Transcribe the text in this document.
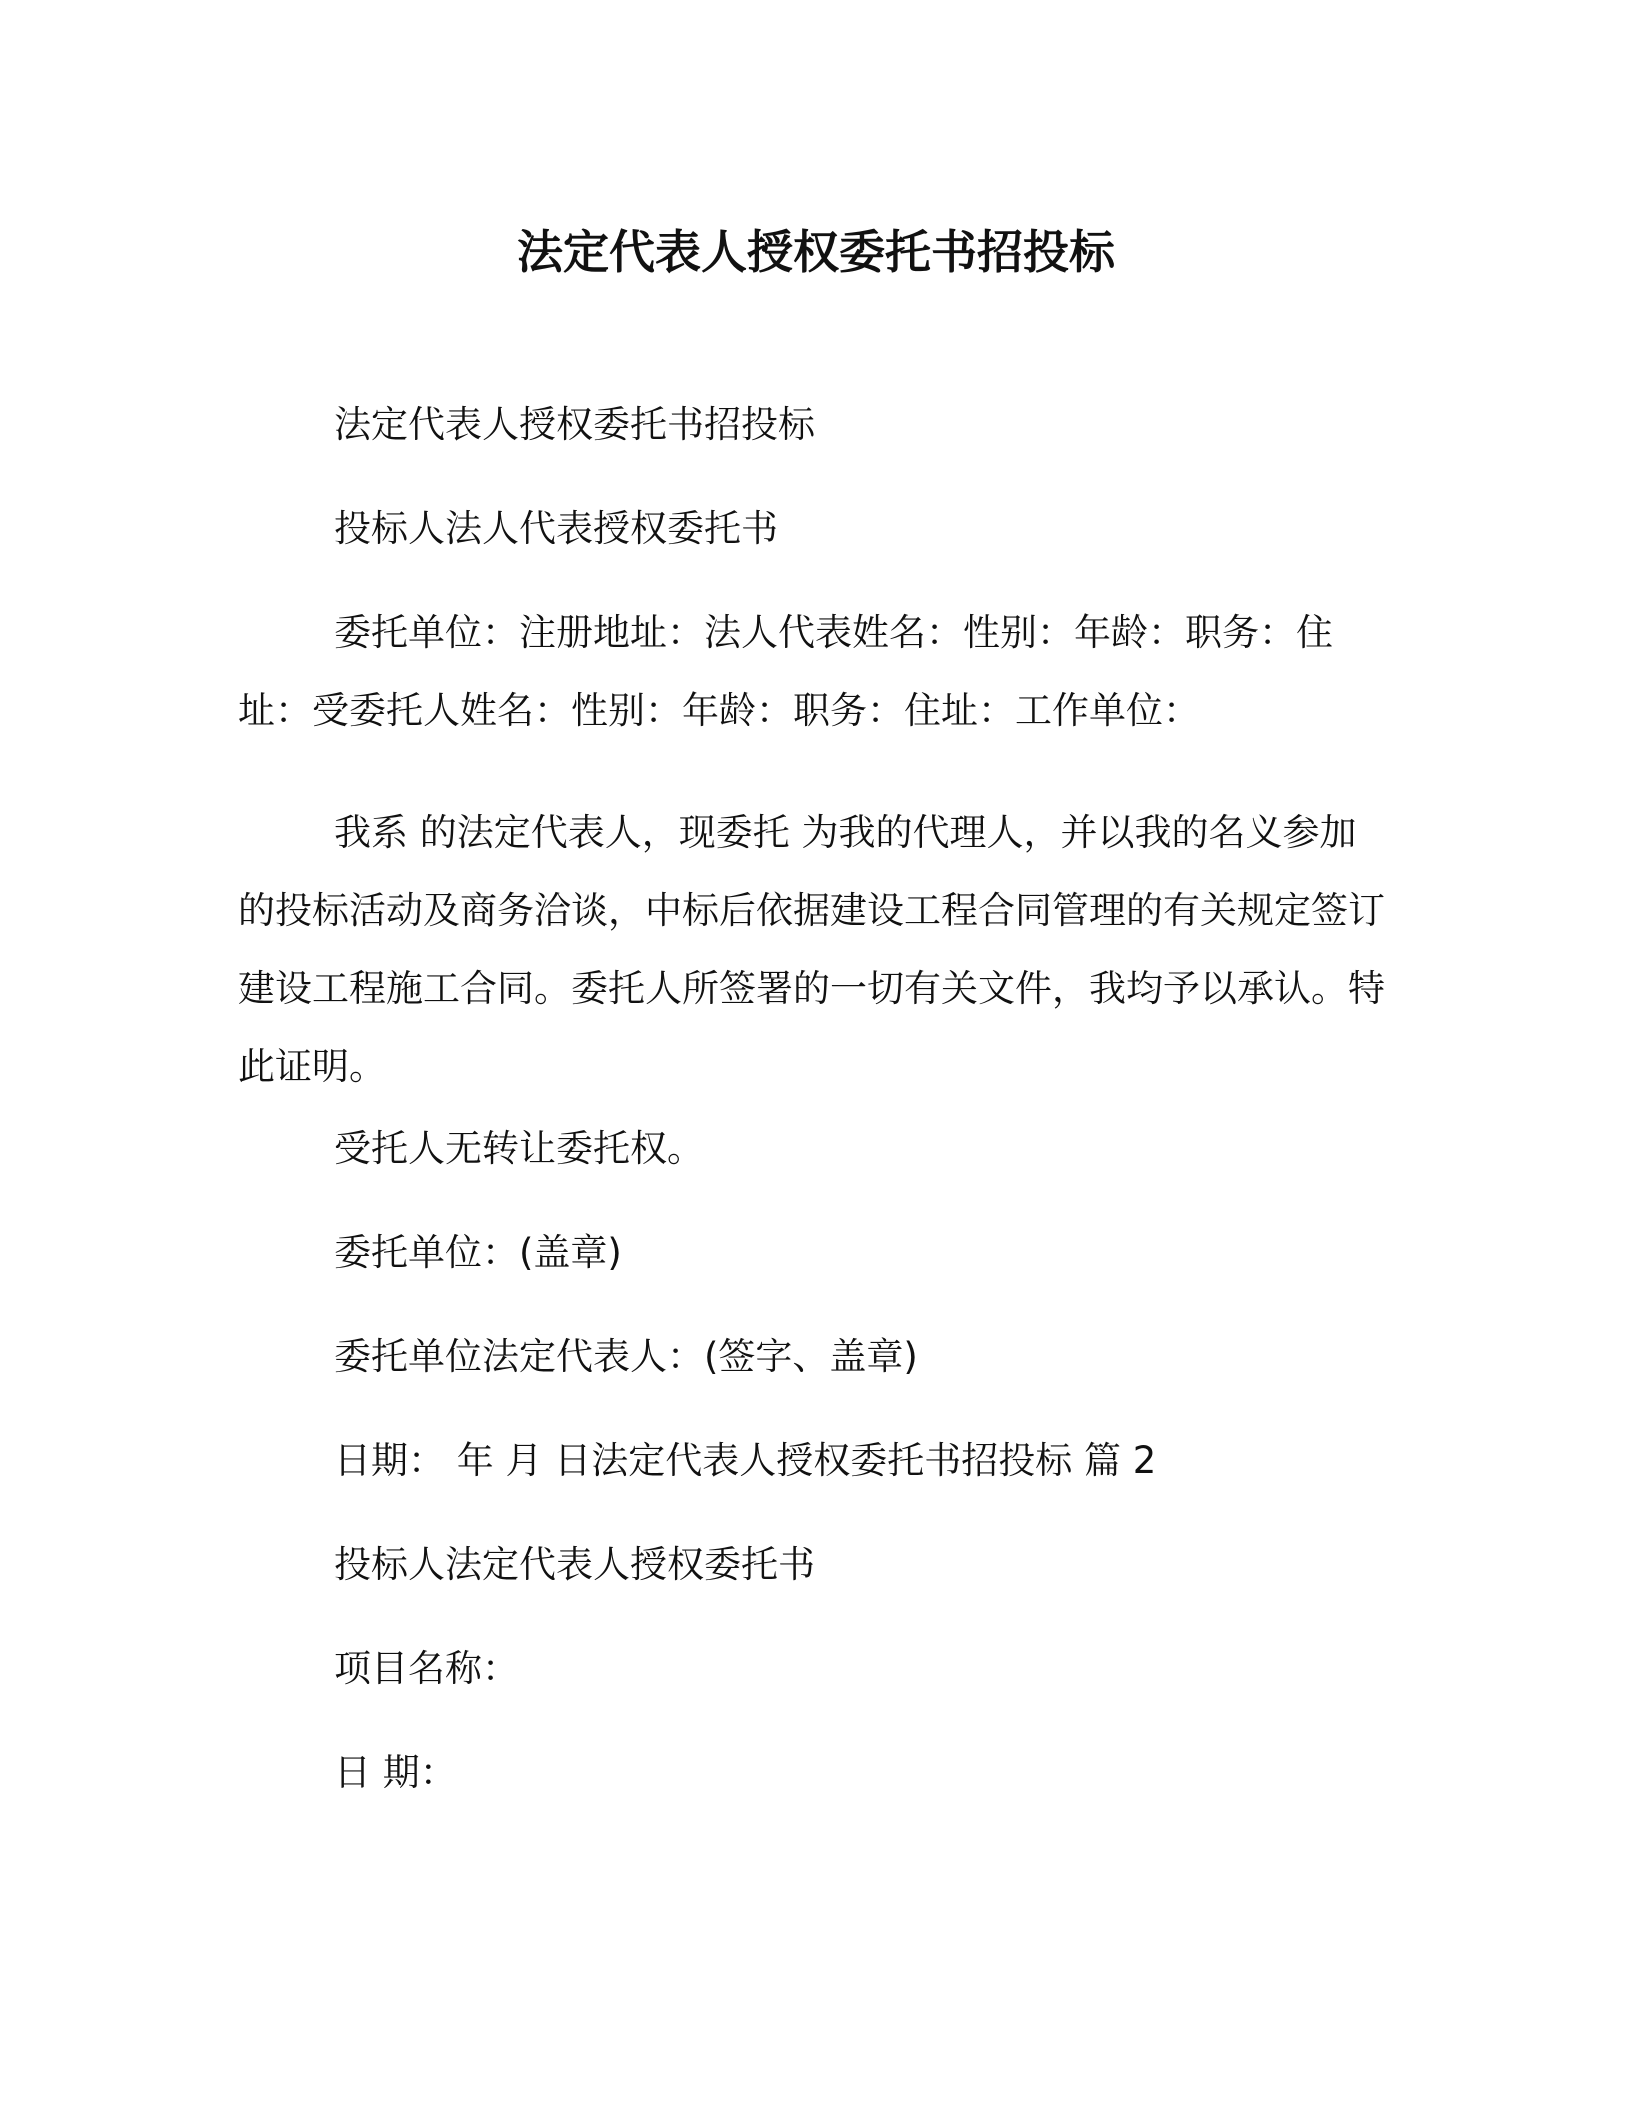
法定代表人授权委托书招投标

法定代表人授权委托书招投标

投标人法人代表授权委托书

委托单位：注册地址：法人代表姓名：性别：年龄：职务：住址：受委托人姓名：性别：年龄：职务：住址：工作单位：

我系 的法定代表人，现委托 为我的代理人，并以我的名义参加 的投标活动及商务洽谈，中标后依据建设工程合同管理的有关规定签订建设工程施工合同。委托人所签署的一切有关文件，我均予以承认。特此证明。

受托人无转让委托权。

委托单位：(盖章)

委托单位法定代表人：(签字、盖章)

日期： 年 月 日法定代表人授权委托书招投标 篇 2

投标人法定代表人授权委托书

项目名称：

日 期：
